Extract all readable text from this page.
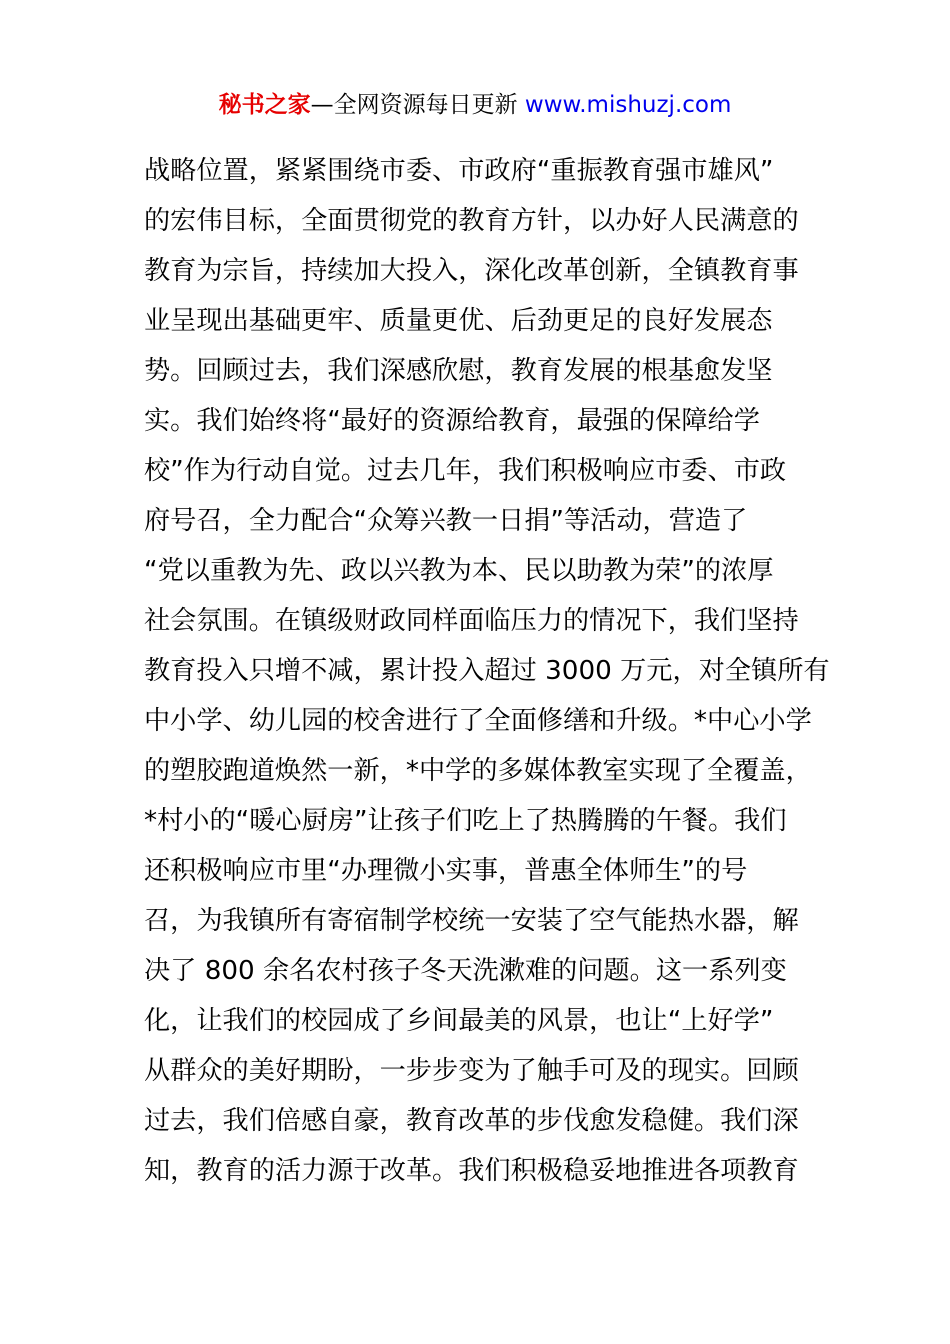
秘书之家—全网资源每日更新 www.mishuzj.com
战略位置，紧紧围绕市委、市政府“重振教育强市雄风”
的宏伟目标，全面贯彻党的教育方针，以办好人民满意的
教育为宗旨，持续加大投入，深化改革创新，全镇教育事
业呈现出基础更牢、质量更优、后劲更足的良好发展态
势。回顾过去，我们深感欣慰，教育发展的根基愈发坚
实。我们始终将“最好的资源给教育，最强的保障给学
校”作为行动自觉。过去几年，我们积极响应市委、市政
府号召，全力配合“众筹兴教一日捐”等活动，营造了
“党以重教为先、政以兴教为本、民以助教为荣”的浓厚
社会氛围。在镇级财政同样面临压力的情况下，我们坚持
教育投入只增不减，累计投入超过 3000 万元，对全镇所有
中小学、幼儿园的校舍进行了全面修缮和升级。*中心小学
的塑胶跑道焕然一新，*中学的多媒体教室实现了全覆盖，
*村小的“暖心厨房”让孩子们吃上了热腾腾的午餐。我们
还积极响应市里“办理微小实事，普惠全体师生”的号
召，为我镇所有寄宿制学校统一安装了空气能热水器，解
决了 800 余名农村孩子冬天洗漱难的问题。这一系列变
化，让我们的校园成了乡间最美的风景，也让“上好学”
从群众的美好期盼，一步步变为了触手可及的现实。回顾
过去，我们倍感自豪，教育改革的步伐愈发稳健。我们深
知，教育的活力源于改革。我们积极稳妥地推进各项教育
